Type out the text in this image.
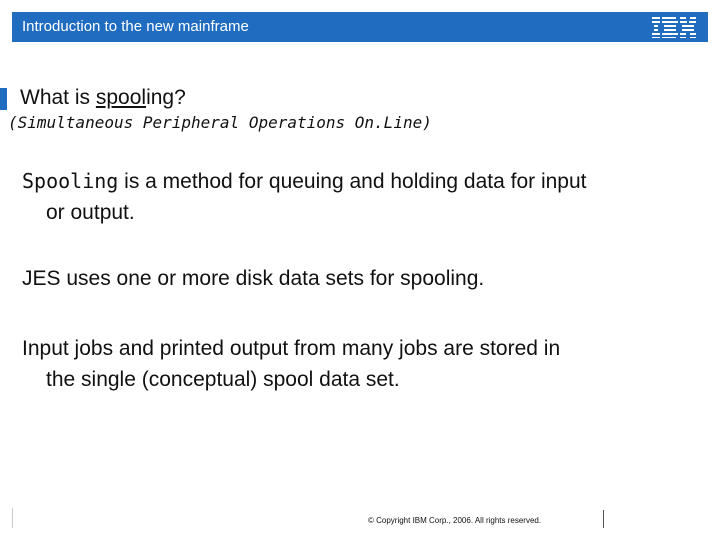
Introduction to the new mainframe
What is spooling?
(Simultaneous Peripheral Operations On.Line)
Spooling is a method for queuing and holding data for input
or output.
JES uses one or more disk data sets for spooling.
Input jobs and printed output from many jobs are stored in
the single (conceptual) spool data set.
© Copyright IBM Corp., 2006. All rights reserved.
